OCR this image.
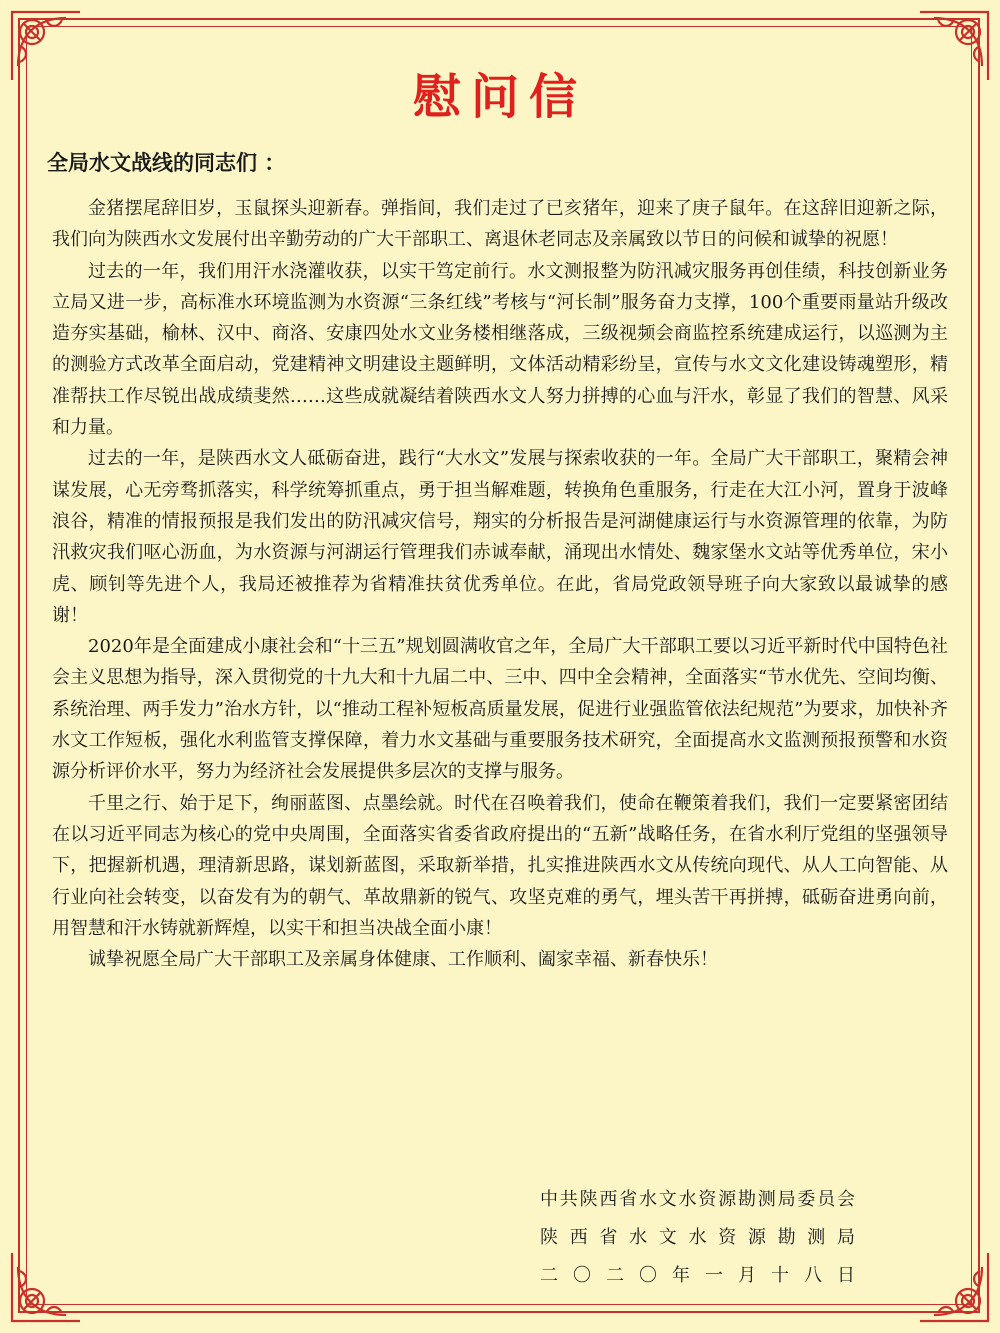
慰问信
全局水文战线的同志们 ：

金猪摆尾辞旧岁，玉鼠探头迎新春。弹指间，我们走过了已亥猪年，迎来了庚子鼠年。在这辞旧迎新之际，我们向为陕西水文发展付出辛勤劳动的广大干部职工、离退休老同志及亲属致以节日的问候和诚挚的祝愿！

过去的一年，我们用汗水浇灌收获，以实干笃定前行。水文测报整为防汛减灾服务再创佳绩，科技创新业务立局又进一步，高标准水环境监测为水资源“三条红线”考核与“河长制”服务奋力支撑，100个重要雨量站升级改造夯实基础，榆林、汉中、商洛、安康四处水文业务楼相继落成，三级视频会商监控系统建成运行，以巡测为主的测验方式改革全面启动，党建精神文明建设主题鲜明，文体活动精彩纷呈，宣传与水文文化建设铸魂塑形，精准帮扶工作尽锐出战成绩斐然……这些成就凝结着陕西水文人努力拼搏的心血与汗水，彰显了我们的智慧、风采和力量。

过去的一年，是陕西水文人砥砺奋进，践行“大水文”发展与探索收获的一年。全局广大干部职工，聚精会神谋发展，心无旁骛抓落实，科学统筹抓重点，勇于担当解难题，转换角色重服务，行走在大江小河，置身于波峰浪谷，精准的情报预报是我们发出的防汛减灾信号，翔实的分析报告是河湖健康运行与水资源管理的依靠，为防汛救灾我们呕心沥血，为水资源与河湖运行管理我们赤诚奉献，涌现出水情处、魏家堡水文站等优秀单位，宋小虎、顾钊等先进个人，我局还被推荐为省精准扶贫优秀单位。在此，省局党政领导班子向大家致以最诚挚的感谢！

2020年是全面建成小康社会和“十三五”规划圆满收官之年，全局广大干部职工要以习近平新时代中国特色社会主义思想为指导，深入贯彻党的十九大和十九届二中、三中、四中全会精神，全面落实“节水优先、空间均衡、系统治理、两手发力”治水方针，以“推动工程补短板高质量发展，促进行业强监管依法纪规范”为要求，加快补齐水文工作短板，强化水利监管支撑保障，着力水文基础与重要服务技术研究，全面提高水文监测预报预警和水资源分析评价水平，努力为经济社会发展提供多层次的支撑与服务。

千里之行、始于足下，绚丽蓝图、点墨绘就。时代在召唤着我们，使命在鞭策着我们，我们一定要紧密团结在以习近平同志为核心的党中央周围，全面落实省委省政府提出的“五新”战略任务，在省水利厅党组的坚强领导下，把握新机遇，理清新思路，谋划新蓝图，采取新举措，扎实推进陕西水文从传统向现代、从人工向智能、从行业向社会转变，以奋发有为的朝气、革故鼎新的锐气、攻坚克难的勇气，埋头苦干再拼搏，砥砺奋进勇向前，用智慧和汗水铸就新辉煌，以实干和担当决战全面小康！

诚挚祝愿全局广大干部职工及亲属身体健康、工作顺利、阖家幸福、新春快乐！

中共陕西省水文水资源勘测局委员会
陕西省水文水资源勘测局
二〇二〇年一月十八日
